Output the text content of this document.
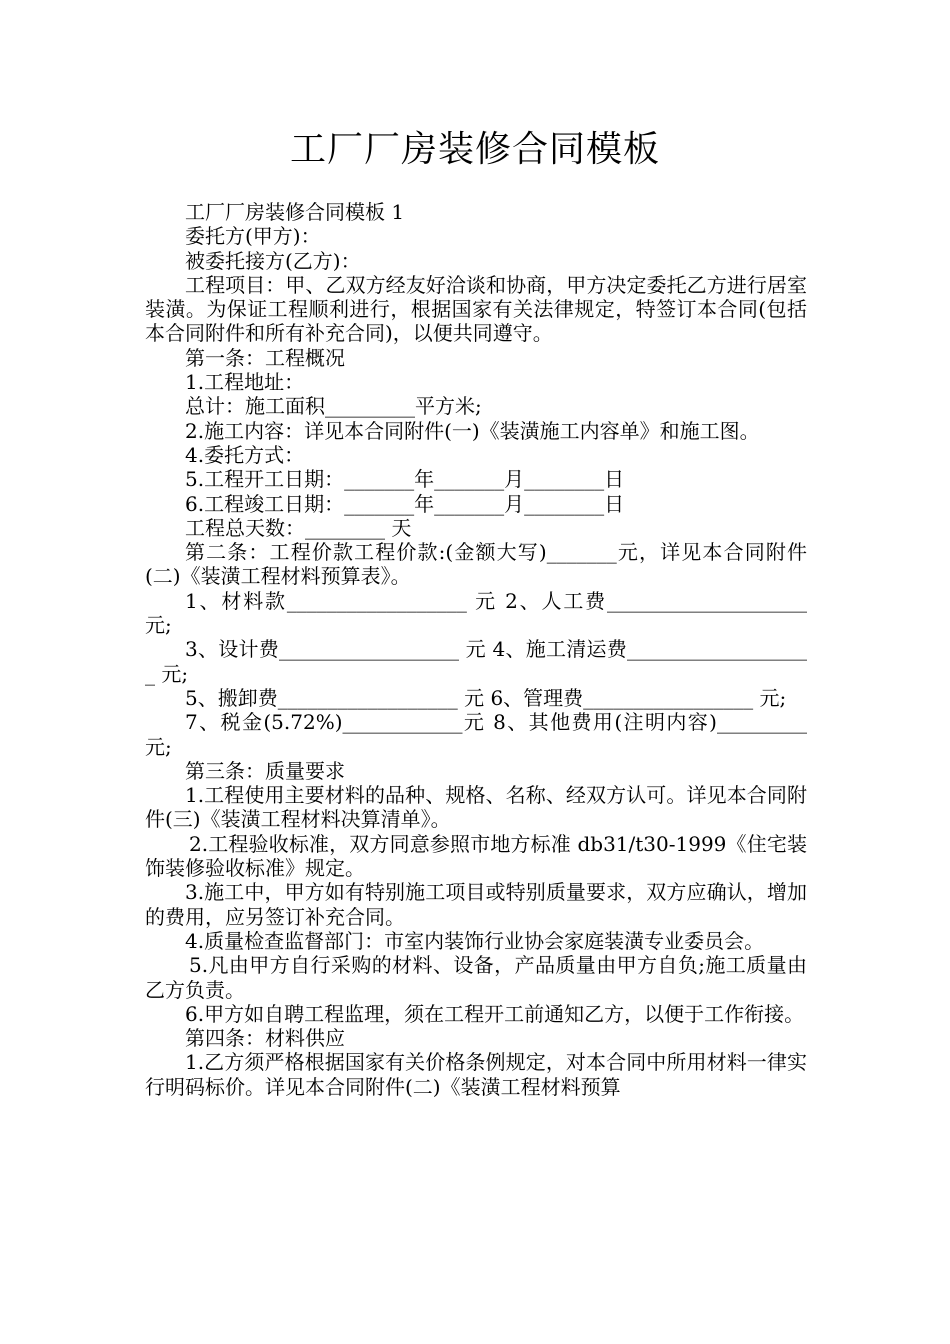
工厂厂房装修合同模板

工厂厂房装修合同模板 1

委托方(甲方)：

被委托接方(乙方)：

工程项目：甲、乙双方经友好洽谈和协商，甲方决定委托乙方进行居室装潢。为保证工程顺利进行，根据国家有关法律规定，特签订本合同(包括本合同附件和所有补充合同)，以便共同遵守。

第一条：工程概况

1.工程地址：

总计：施工面积_________平方米;

2.施工内容：详见本合同附件(一)《装潢施工内容单》和施工图。

4.委托方式：

5.工程开工日期：_______年_______月________日

6.工程竣工日期：_______年_______月________日

工程总天数：________ 天

第二条：工程价款工程价款:(金额大写)_______元，详见本合同附件(二)《装潢工程材料预算表》。

1、材料款__________________ 元 2、人工费____________________元;

3、设计费__________________ 元 4、施工清运费___________________ 元;

5、搬卸费__________________ 元 6、管理费_________________ 元;

7、税金(5.72%)____________元 8、其他费用(注明内容)_________元;

第三条：质量要求

1.工程使用主要材料的品种、规格、名称、经双方认可。详见本合同附件(三)《装潢工程材料决算清单》。

2.工程验收标准，双方同意参照市地方标准 db31/t30-1999《住宅装饰装修验收标准》规定。

3.施工中，甲方如有特别施工项目或特别质量要求，双方应确认，增加的费用，应另签订补充合同。

4.质量检查监督部门：市室内装饰行业协会家庭装潢专业委员会。

5.凡由甲方自行采购的材料、设备，产品质量由甲方自负;施工质量由乙方负责。

6.甲方如自聘工程监理，须在工程开工前通知乙方，以便于工作衔接。

第四条：材料供应

1.乙方须严格根据国家有关价格条例规定，对本合同中所用材料一律实行明码标价。详见本合同附件(二)《装潢工程材料预算
